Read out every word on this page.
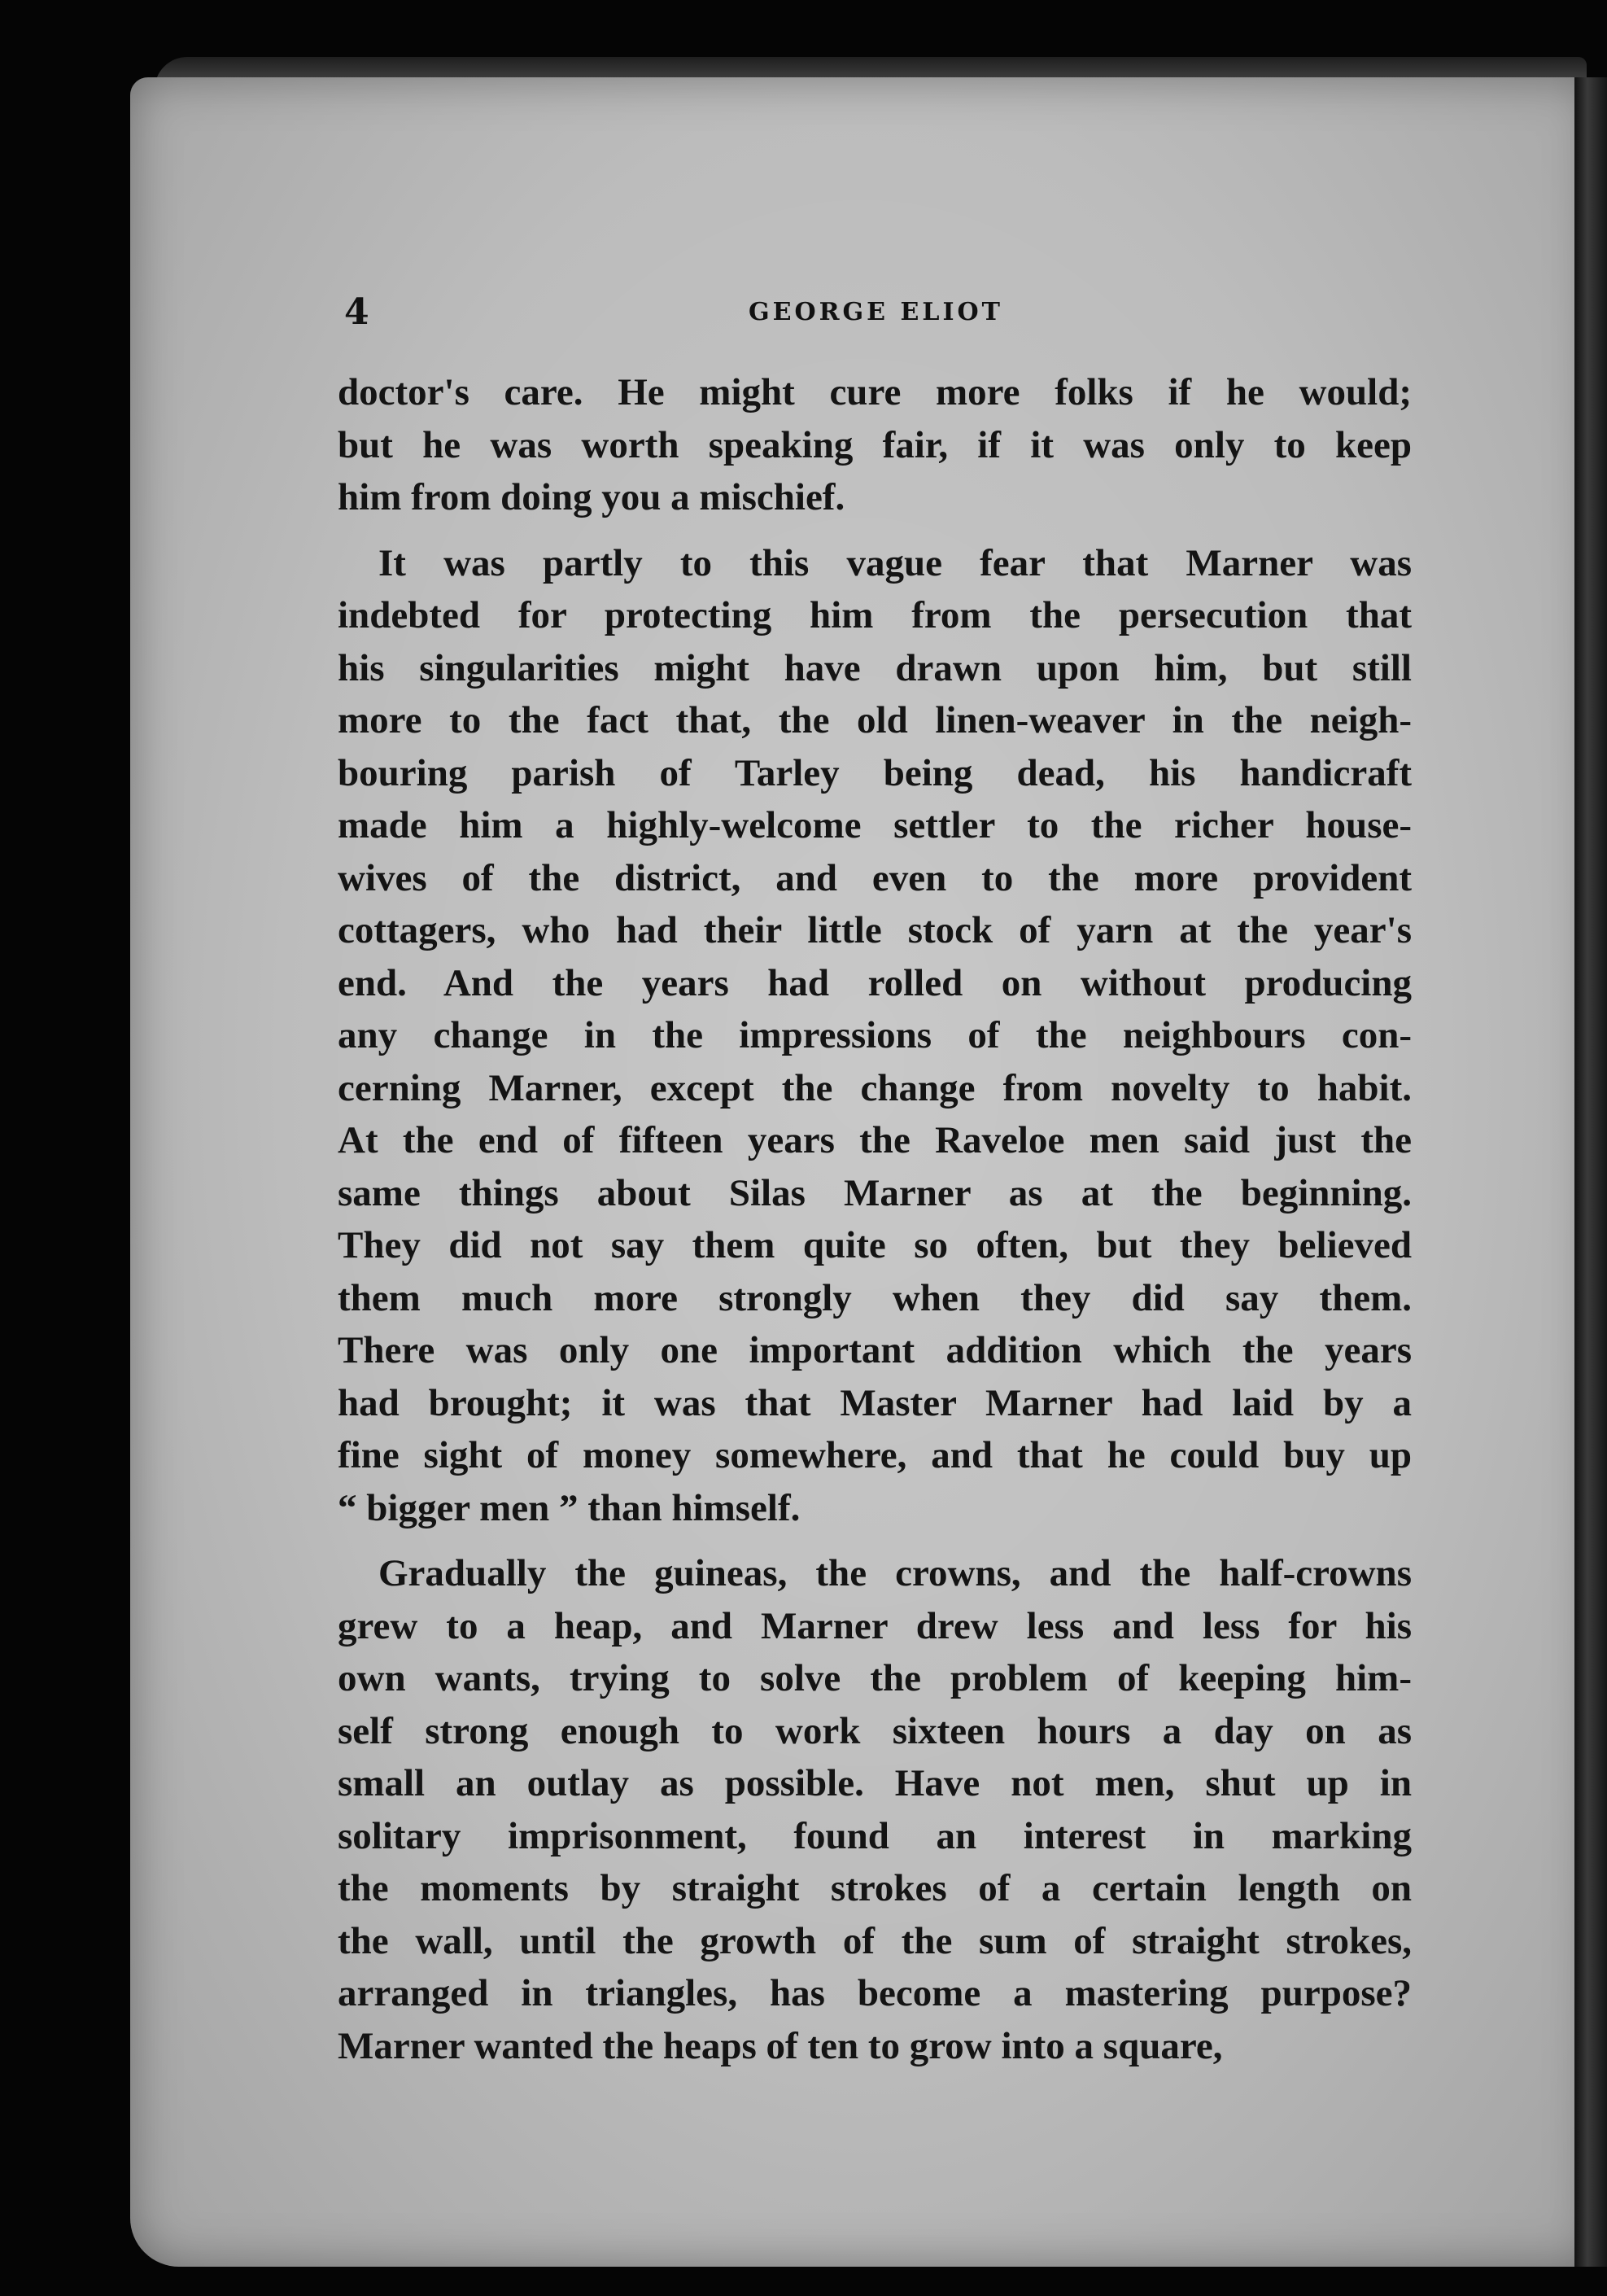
4	GEORGE ELIOT
doctor's care. He might cure more folks if he would;
but he was worth speaking fair, if it was only to keep
him from doing you a mischief.
It was partly to this vague fear that Marner was
indebted for protecting him from the persecution that
his singularities might have drawn upon him, but still
more to the fact that, the old linen-weaver in the neigh-
bouring parish of Tarley being dead, his handicraft
made him a highly-welcome settler to the richer house-
wives of the district, and even to the more provident
cottagers, who had their little stock of yarn at the year's
end. And the years had rolled on without producing
any change in the impressions of the neighbours con-
cerning Marner, except the change from novelty to habit.
At the end of fifteen years the Raveloe men said just the
same things about Silas Marner as at the beginning.
They did not say them quite so often, but they believed
them much more strongly when they did say them.
There was only one important addition which the years
had brought; it was that Master Marner had laid by a
fine sight of money somewhere, and that he could buy up
“ bigger men ” than himself.
Gradually the guineas, the crowns, and the half-crowns
grew to a heap, and Marner drew less and less for his
own wants, trying to solve the problem of keeping him-
self strong enough to work sixteen hours a day on as
small an outlay as possible. Have not men, shut up in
solitary imprisonment, found an interest in marking
the moments by straight strokes of a certain length on
the wall, until the growth of the sum of straight strokes,
arranged in triangles, has become a mastering purpose?
Marner wanted the heaps of ten to grow into a square,
